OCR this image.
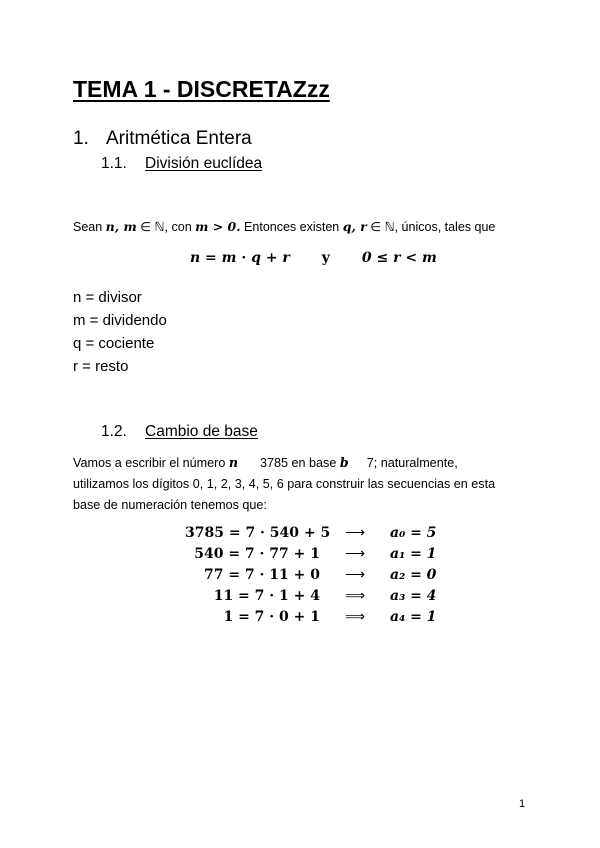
TEMA 1 - DISCRETAZzz
1. Aritmética Entera
1.1. División euclídea
Sean n, m ∈ ℕ, con m > 0. Entonces existen q, r ∈ ℕ, únicos, tales que
n = m · q + r y 0 ≤ r < m
n = divisor
m = dividendo
q = cociente
r = resto
1.2. Cambio de base
Vamos a escribir el número n 3785 en base b 7; naturalmente,
utilizamos los dígitos 0, 1, 2, 3, 4, 5, 6 para construir las secuencias en esta
base de numeración tenemos que:
3785 = 7 · 540 + 5 ⟶ a₀ = 5
540 = 7 · 77 + 1 ⟶ a₁ = 1
77 = 7 · 11 + 0 ⟶ a₂ = 0
11 = 7 · 1 + 4 ⟹ a₃ = 4
1 = 7 · 0 + 1 ⟹ a₄ = 1
1
